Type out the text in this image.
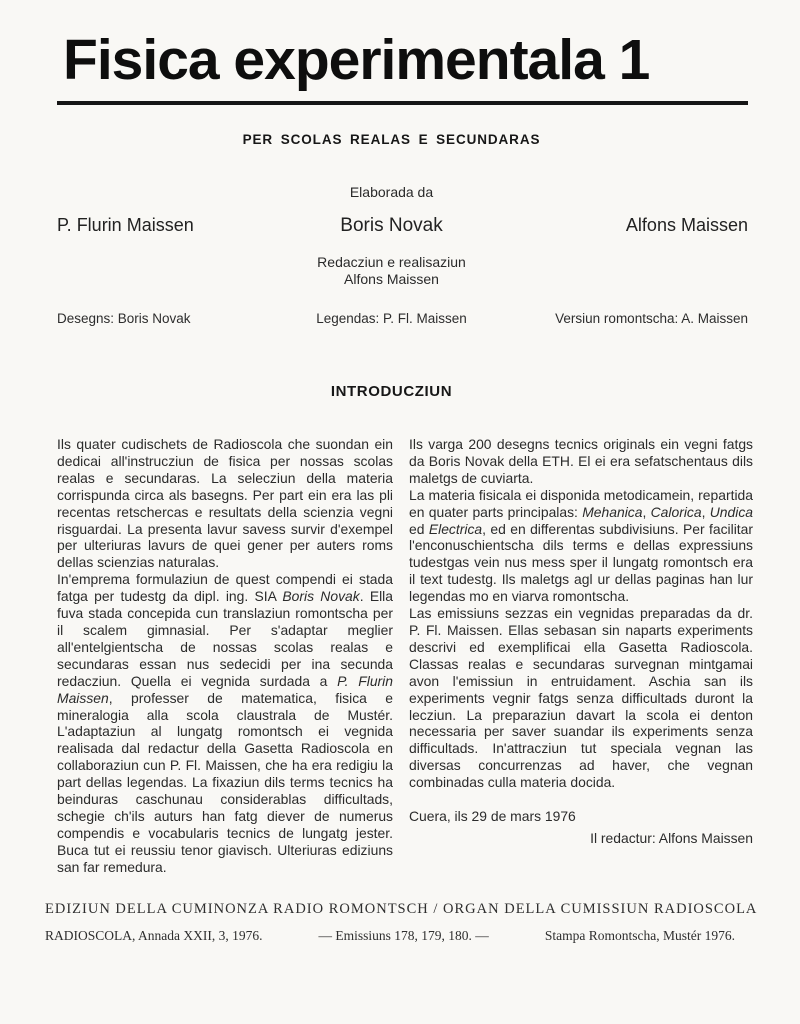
Fisica experimentala 1
PER SCOLAS REALAS E SECUNDARAS
Elaborada da
P. Flurin Maissen	Boris Novak	Alfons Maissen
Redacziun e realisaziun
Alfons Maissen
Desegns: Boris Novak	Legendas: P. Fl. Maissen	Versiun romontscha: A. Maissen
INTRODUCZIUN

Ils quater cudischets de Radioscola che suondan ein dedicai all'instrucziun de fisica per nossas scolas realas e secundaras. La selecziun della materia corrispunda circa als basegns. Per part ein era las pli recentas retschercas e resultats della scienzia vegni risguardai. La presenta lavur savess survir d'exempel per ulteriuras lavurs de quei gener per auters roms dellas scienzias naturalas.

In'emprema formulaziun de quest compendi ei stada fatga per tudestg da dipl. ing. SIA Boris Novak. Ella fuva stada concepida cun translaziun romontscha per il scalem gimnasial. Per s'adaptar meglier all'entelgientscha de nossas scolas realas e secundaras essan nus sedecidi per ina secunda redacziun. Quella ei vegnida surdada a P. Flurin Maissen, professer de matematica, fisica e mineralogia alla scola claustrala de Mustér. L'adaptaziun al lungatg romontsch ei vegnida realisada dal redactur della Gasetta Radioscola en collaboraziun cun P. Fl. Maissen, che ha era redigiu la part dellas legendas. La fixaziun dils terms tecnics ha beinduras caschunau considerablas difficultads, schegie ch'ils auturs han fatg diever de numerus compendis e vocabularis tecnics de lungatg jester. Buca tut ei reussiu tenor giavisch. Ulteriuras ediziuns san far remedura.

Ils varga 200 desegns tecnics originals ein vegni fatgs da Boris Novak della ETH. El ei era sefatschentaus dils maletgs de cuviarta.

La materia fisicala ei disponida metodicamein, repartida en quater parts principalas: Mehanica, Calorica, Undica ed Electrica, ed en differentas subdivisiuns. Per facilitar l'enconuschientscha dils terms e dellas expressiuns tudestgas vein nus mess sper il lungatg romontsch era il text tudestg. Ils maletgs agl ur dellas paginas han lur legendas mo en viarva romontscha.

Las emissiuns sezzas ein vegnidas preparadas da dr. P. Fl. Maissen. Ellas sebasan sin naparts experiments descrivi ed exemplificai ella Gasetta Radioscola. Classas realas e secundaras survegnan mintgamai avon l'emissiun in entruidament. Aschia san ils experiments vegnir fatgs senza difficultads duront la lecziun. La preparaziun davart la scola ei denton necessaria per saver suandar ils experiments senza difficultads. In'attracziun tut speciala vegnan las diversas concurrenzas ad haver, che vegnan combinadas culla materia docida.

Cuera, ils 29 de mars 1976

Il redactur: Alfons Maissen

EDIZIUN DELLA CUMINONZA RADIO ROMONTSCH / ORGAN DELLA CUMISSIUN RADIOSCOLA
RADIOSCOLA, Annada XXII, 3, 1976.	— Emissiuns 178, 179, 180. —	Stampa Romontscha, Mustér 1976.
